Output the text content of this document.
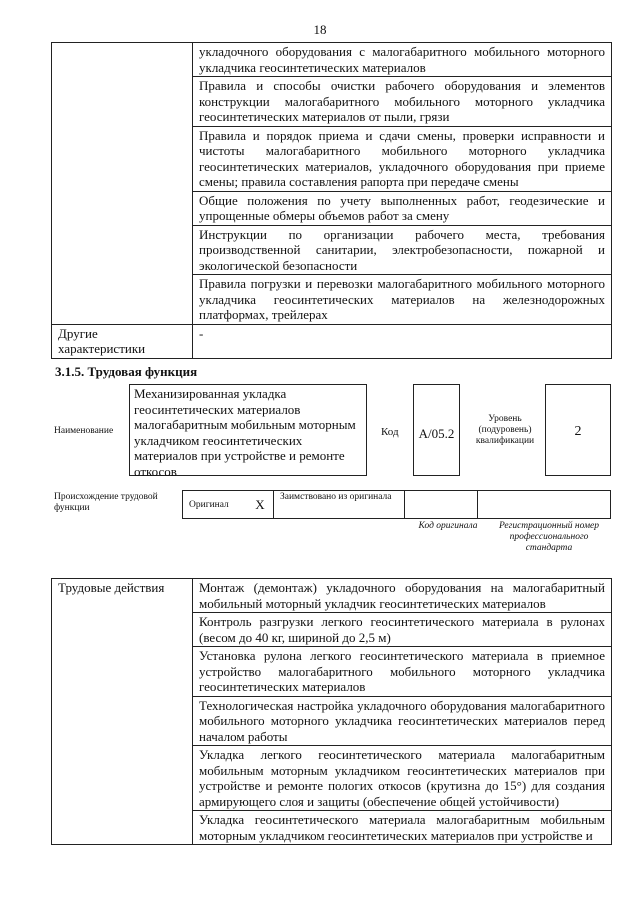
18
	укладочного оборудования с малогабаритного мобильного моторного укладчика геосинтетических материалов
	Правила и способы очистки рабочего оборудования и элементов конструкции малогабаритного мобильного моторного укладчика геосинтетических материалов от пыли, грязи
	Правила и порядок приема и сдачи смены, проверки исправности и чистоты малогабаритного мобильного моторного укладчика геосинтетических материалов, укладочного оборудования при приеме смены; правила составления рапорта при передаче смены
	Общие положения по учету выполненных работ, геодезические и упрощенные обмеры объемов работ за смену
	Инструкции по организации рабочего места, требования производственной санитарии, электробезопасности, пожарной и экологической безопасности
	Правила погрузки и перевозки малогабаритного мобильного моторного укладчика геосинтетических материалов на железнодорожных платформах, трейлерах
Другие характеристики	-
3.1.5. Трудовая функция
Наименование
Механизированная укладка геосинтетических материалов малогабаритным мобильным моторным укладчиком геосинтетических материалов при устройстве и ремонте откосов
Код	A/05.2
Уровень (подуровень) квалификации
2
Происхождение трудовой функции	Оригинал	X	Заимствовано из оригинала		
Код оригинала	Регистрационный номер профессионального стандарта
Трудовые действия	Монтаж (демонтаж) укладочного оборудования на малогабаритный мобильный моторный укладчик геосинтетических материалов
Контроль разгрузки легкого геосинтетического материала в рулонах (весом до 40 кг, шириной до 2,5 м)
Установка рулона легкого геосинтетического материала в приемное устройство малогабаритного мобильного моторного укладчика геосинтетических материалов
Технологическая настройка укладочного оборудования малогабаритного мобильного моторного укладчика геосинтетических материалов перед началом работы
Укладка легкого геосинтетического материала малогабаритным мобильным моторным укладчиком геосинтетических материалов при устройстве и ремонте пологих откосов (крутизна до 15°) для создания армирующего слоя и защиты (обеспечение общей устойчивости)
Укладка геосинтетического материала малогабаритным мобильным моторным укладчиком геосинтетических материалов при устройстве и
